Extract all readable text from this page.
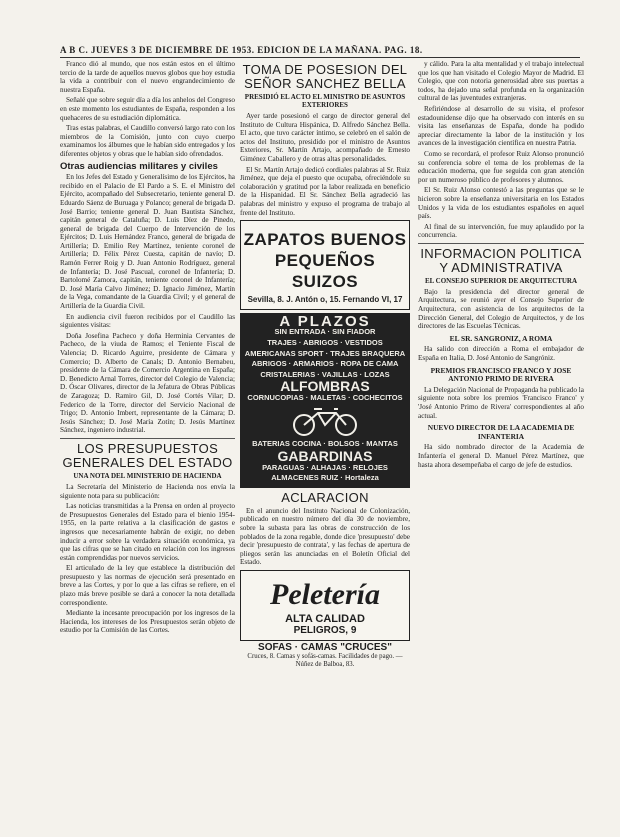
A B C. JUEVES 3 DE DICIEMBRE DE 1953. EDICION DE LA MAÑANA. PAG. 18.

Franco dió al mundo, que nos están estos en el último tercio de la tarde de aquellos nuevos globos que hoy estudia la vida a contribuir con el nuevo engrandecimiento de nuestra España.

Señalé que sobre seguir día a día los anhelos del Congreso en este momento los estudiantes de España, responden a los quehaceres de su estudiación diplomática.

Tras estas palabras, el Caudillo conversó largo rato con los miembros de la Comisión, junto con cuyo cuerpo examinamos los álbumes que le habían sido entregados y los diferentes objetos y obras que le habían sido ofrendados.

Otras audiencias militares y civiles

En los Jefes del Estado y Generalísimo de los Ejércitos, ha recibido en el Palacio de El Pardo a S. E. el Ministro del Ejército, acompañado del Subsecretario, teniente general D. Eduardo Sáenz de Buruaga y Polanco; general de brigada D. José Barrio; teniente general D. Juan Bautista Sánchez, capitán general de Cataluña; D. Luis Díez de Pinedo, general de brigada del Cuerpo de Intervención de los Ejércitos; D. Luis Hernández Franco, general de brigada de Artillería; D. Emilio Rey Martínez, teniente coronel de Artillería; D. Félix Pérez Cuesta, capitán de navío; D. Ramón Ferrer Roig y D. Juan Antonio Rodríguez, general de Infantería; D. José Pascual, coronel de Infantería; D. Bartolomé Zamora, capitán, teniente coronel de Infantería; D. José María Calvo Jiménez; D. Ignacio Jiménez, Martín de la Vega, comandante de la Guardia Civil; y el general de Artillería de la Guardia Civil.

En audiencia civil fueron recibidos por el Caudillo las siguientes visitas:

Doña Josefina Pacheco y doña Herminia Cervantes de Pacheco, de la viuda de Ramos; el Teniente Fiscal de Valencia; D. Ricardo Aguirre, presidente de Cámara y Comercio; D. Alberto de Canals; D. Antonio Bernabeu, presidente de la Cámara de Comercio Argentina en España; D. Benedicto Arnal Torres, director del Colegio de Valencia; D. Óscar Olivares, director de la Jefatura de Obras Públicas de Zaragoza; D. Ramiro Gil, D. José Cortés Vilar; D. Federico de la Torre, director del Servicio Nacional de Trigo; D. Antonio Imbert, representante de la Cámara; D. Jesús Sánchez; D. José María Zotín; D. Jesús Martínez Sánchez, ingeniero industrial.

LOS PRESUPUESTOS GENERALES DEL ESTADO
UNA NOTA DEL MINISTERIO DE HACIENDA

La Secretaría del Ministerio de Hacienda nos envía la siguiente nota para su publicación:

Las noticias transmitidas a la Prensa en orden al proyecto de Presupuestos Generales del Estado para el bienio 1954-1955, en la parte relativa a la clasificación de gastos e ingresos que necesariamente habrán de exigir, no deben inducir a error sobre la verdadera situación económica, ya que las cifras que se han citado en relación con los ingresos están comprendidas por nuevos servicios.

El articulado de la ley que establece la distribución del presupuesto y las normas de ejecución será presentado en breve a las Cortes, y por lo que a las cifras se refiere, en el plazo más breve posible se dará a conocer la nota detallada correspondiente.

Mediante la incesante preocupación por los ingresos de la Hacienda, los intereses de los Presupuestos serán objeto de estudio por la Comisión de las Cortes.

TOMA DE POSESION DEL SEÑOR SANCHEZ BELLA
PRESIDIÓ EL ACTO EL MINISTRO DE ASUNTOS EXTERIORES

Ayer tarde posesionó el cargo de director general del Instituto de Cultura Hispánica, D. Alfredo Sánchez Bella. El acto, que tuvo carácter íntimo, se celebró en el salón de actos del Instituto, presidido por el ministro de Asuntos Exteriores, Sr. Martín Artajo, acompañado de Ernesto Giménez Caballero y de otras altas personalidades.

El Sr. Martín Artajo dedicó cordiales palabras al Sr. Ruiz Jiménez, que deja el puesto que ocupaba, ofreciéndole su colaboración y gratitud por la labor realizada en beneficio de la Hispanidad. El Sr. Sánchez Bella agradeció las palabras del ministro y expuso el programa de trabajo al frente del Instituto.

ZAPATOS BUENOS
PEQUEÑOS SUIZOS
Sevilla, 8. J. Antón o, 15. Fernando VI, 17
A PLAZOS
SIN ENTRADA · SIN FIADOR
TRAJES · ABRIGOS · VESTIDOS
AMERICANAS SPORT · TRAJES BRAQUERA
ABRIGOS · ARMARIOS · ROPA DE CAMA
CRISTALERIAS · VAJILLAS · LOZAS
ALFOMBRAS
CORNUCOPIAS · MALETAS · COCHECITOS
BATERIAS COCINA · BOLSOS · MANTAS
GABARDINAS
PARAGUAS · ALHAJAS · RELOJES
ALMACENES RUIZ · Hortaleza
ACLARACION

En el anuncio del Instituto Nacional de Colonización, publicado en nuestro número del día 30 de noviembre, sobre la subasta para las obras de construcción de los poblados de la zona regable, donde dice 'presupuesto' debe decir 'presupuesto de contrata', y las fechas de apertura de pliegos serán las anunciadas en el Boletín Oficial del Estado.

Peletería
ALTA CALIDAD
PELIGROS, 9
SOFAS · CAMAS "CRUCES"
Cruces, 8. Camas y sofás-camas. Facilidades de pago. — Núñez de Balboa, 83.

y cálido. Para la alta mentalidad y el trabajo intelectual que los que han visitado el Colegio Mayor de Madrid. El Colegio, que con notoria generosidad abre sus puertas a todos, ha dejado una señal profunda en la organización cultural de las juventudes extranjeras.

Refiriéndose al desarrollo de su visita, el profesor estadounidense dijo que ha observado con interés en su visita las enseñanzas de España, donde ha podido apreciar directamente la labor de la institución y los avances de la investigación científica en nuestra Patria.

Como se recordará, el profesor Ruiz Alonso pronunció su conferencia sobre el tema de los problemas de la educación moderna, que fue seguida con gran atención por un numeroso público de profesores y alumnos.

El Sr. Ruiz Alonso contestó a las preguntas que se le hicieron sobre la enseñanza universitaria en los Estados Unidos y la vida de los estudiantes españoles en aquel país.

Al final de su intervención, fue muy aplaudido por la concurrencia.

INFORMACION POLITICA Y ADMINISTRATIVA
EL CONSEJO SUPERIOR DE ARQUITECTURA

Bajo la presidencia del director general de Arquitectura, se reunió ayer el Consejo Superior de Arquitectura, con asistencia de los arquitectos de la Dirección General, del Colegio de Arquitectos, y de los directores de las Escuelas Técnicas.

EL SR. SANGRONIZ, A ROMA

Ha salido con dirección a Roma el embajador de España en Italia, D. José Antonio de Sangróniz.

PREMIOS FRANCISCO FRANCO Y JOSE ANTONIO PRIMO DE RIVERA

La Delegación Nacional de Propaganda ha publicado la siguiente nota sobre los premios 'Francisco Franco' y 'José Antonio Primo de Rivera' correspondientes al año actual.

NUEVO DIRECTOR DE LA ACADEMIA DE INFANTERIA

Ha sido nombrado director de la Academia de Infantería el general D. Manuel Pérez Martínez, que hasta ahora desempeñaba el cargo de jefe de estudios.
